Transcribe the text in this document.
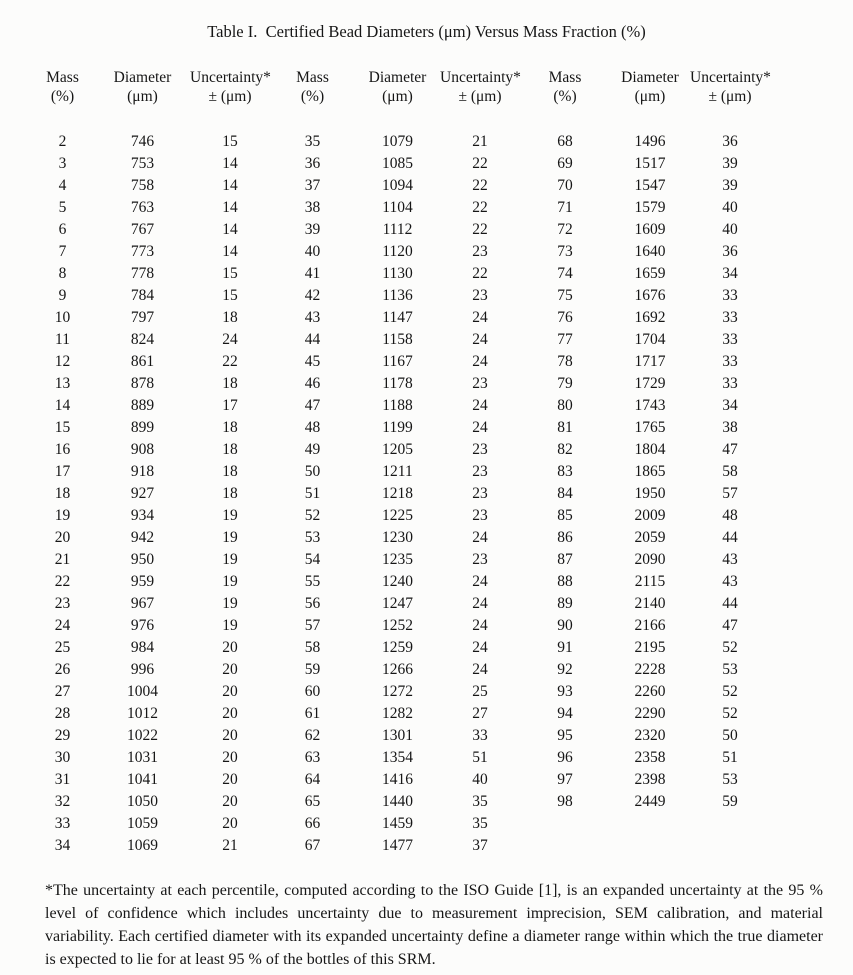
Table I.  Certified Bead Diameters (μm) Versus Mass Fraction (%)
Mass	Diameter	Uncertainty*	Mass	Diameter	Uncertainty*	Mass	Diameter	Uncertainty*
(%)	(μm)	± (μm)	(%)	(μm)	± (μm)	(%)	(μm)	± (μm)
2	746	15	35	1079	21	68	1496	36
3	753	14	36	1085	22	69	1517	39
4	758	14	37	1094	22	70	1547	39
5	763	14	38	1104	22	71	1579	40
6	767	14	39	1112	22	72	1609	40
7	773	14	40	1120	23	73	1640	36
8	778	15	41	1130	22	74	1659	34
9	784	15	42	1136	23	75	1676	33
10	797	18	43	1147	24	76	1692	33
11	824	24	44	1158	24	77	1704	33
12	861	22	45	1167	24	78	1717	33
13	878	18	46	1178	23	79	1729	33
14	889	17	47	1188	24	80	1743	34
15	899	18	48	1199	24	81	1765	38
16	908	18	49	1205	23	82	1804	47
17	918	18	50	1211	23	83	1865	58
18	927	18	51	1218	23	84	1950	57
19	934	19	52	1225	23	85	2009	48
20	942	19	53	1230	24	86	2059	44
21	950	19	54	1235	23	87	2090	43
22	959	19	55	1240	24	88	2115	43
23	967	19	56	1247	24	89	2140	44
24	976	19	57	1252	24	90	2166	47
25	984	20	58	1259	24	91	2195	52
26	996	20	59	1266	24	92	2228	53
27	1004	20	60	1272	25	93	2260	52
28	1012	20	61	1282	27	94	2290	52
29	1022	20	62	1301	33	95	2320	50
30	1031	20	63	1354	51	96	2358	51
31	1041	20	64	1416	40	97	2398	53
32	1050	20	65	1440	35	98	2449	59
33	1059	20	66	1459	35			
34	1069	21	67	1477	37			

*The uncertainty at each percentile, computed according to the ISO Guide [1], is an expanded uncertainty at the 95 % level of confidence which includes uncertainty due to measurement imprecision, SEM calibration, and material variability. Each certified diameter with its expanded uncertainty define a diameter range within which the true diameter is expected to lie for at least 95 % of the bottles of this SRM.
